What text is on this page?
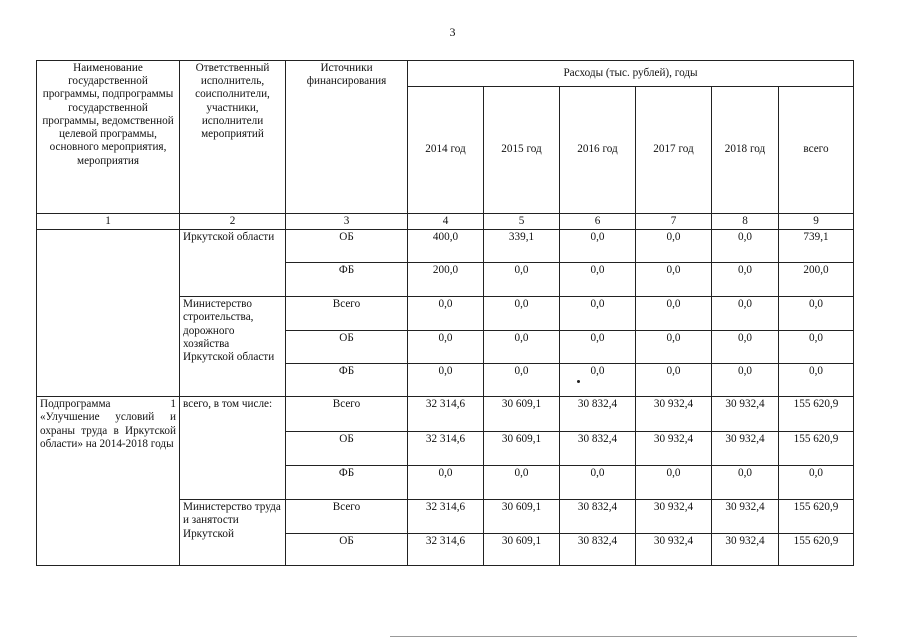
3
Наименование государственной программы, подпрограммы государственной программы, ведомственной целевой программы, основного мероприятия, мероприятия	Ответственный исполнитель, соисполнители, участники, исполнители мероприятий	Источники финансирования	Расходы (тыс. рублей), годы					
			2014 год	2015 год	2016 год	2017 год	2018 год	всего
1	2	3	4	5	6	7	8	9
	Иркутской области	ОБ	400,0	339,1	0,0	0,0	0,0	739,1
		ФБ	200,0	0,0	0,0	0,0	0,0	200,0
	Министерство строительства, дорожного хозяйства Иркутской области	Всего	0,0	0,0	0,0	0,0	0,0	0,0
		ОБ	0,0	0,0	0,0	0,0	0,0	0,0
		ФБ	0,0	0,0	0,0	0,0	0,0	0,0
Подпрограмма 1 «Улучшение условий и охраны труда в Иркутской области» на 2014-2018 годы	всего, в том числе:	Всего	32 314,6	30 609,1	30 832,4	30 932,4	30 932,4	155 620,9
		ОБ	32 314,6	30 609,1	30 832,4	30 932,4	30 932,4	155 620,9
		ФБ	0,0	0,0	0,0	0,0	0,0	0,0
	Министерство труда и занятости Иркутской	Всего	32 314,6	30 609,1	30 832,4	30 932,4	30 932,4	155 620,9
		ОБ	32 314,6	30 609,1	30 832,4	30 932,4	30 932,4	155 620,9
